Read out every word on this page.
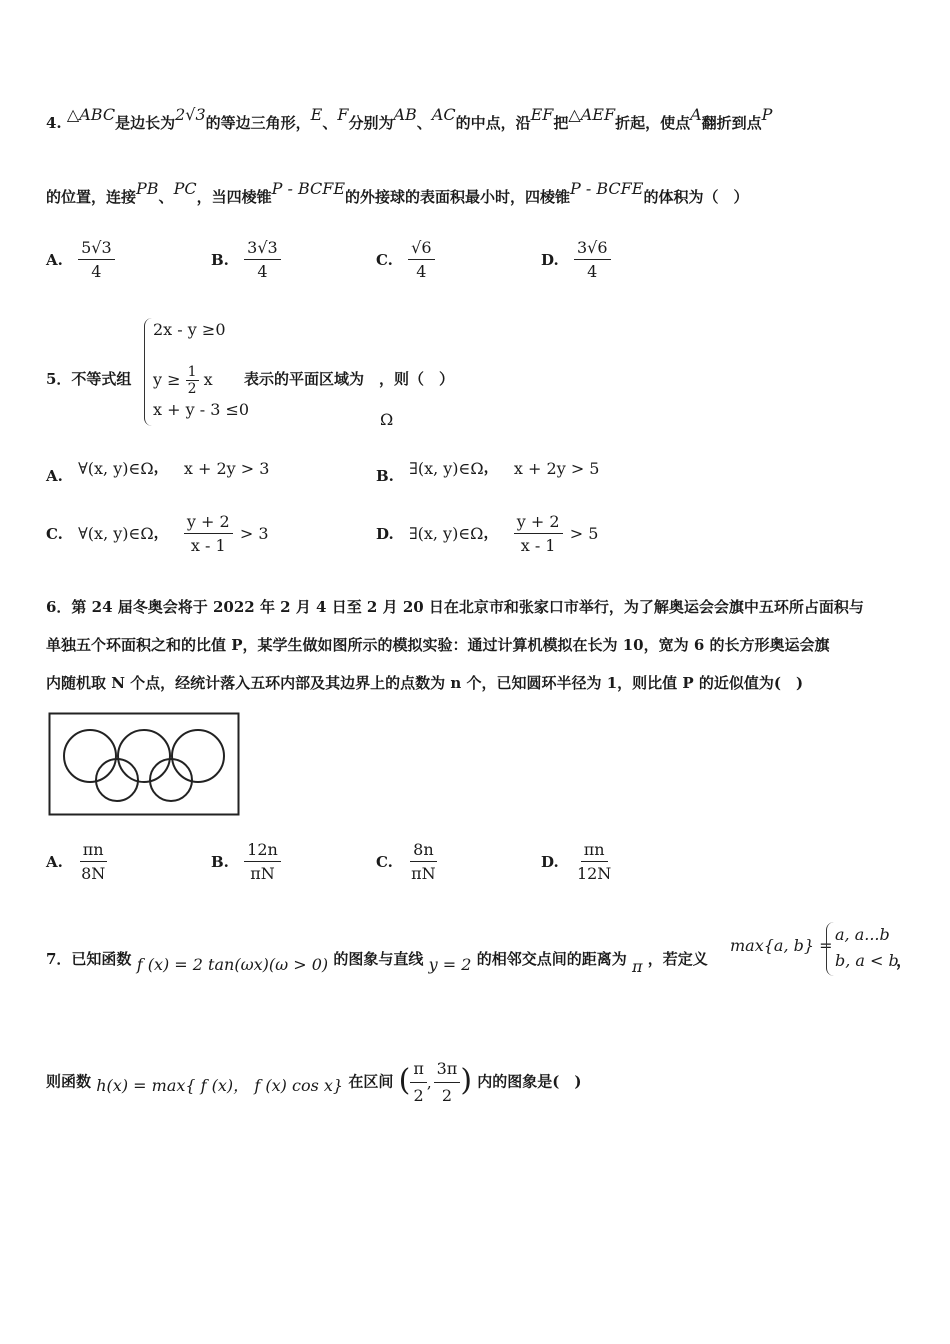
4. △ABC是边长为2√3的等边三角形，E、F分别为AB、AC的中点，沿EF把△AEF折起，使点A翻折到点P
的位置，连接PB、PC，当四棱锥P - BCFE的外接球的表面积最小时，四棱锥P - BCFE的体积为（　）
A. $\frac{5√3}{4}$	B. $\frac{3√3}{4}$	C. $\frac{√6}{4}$	D. $\frac{3√6}{4}$
5．不等式组
2x - y ≥0
$y \ge \frac{1}{2}$ x
x + y - 3 ≤0
表示的平面区域为　，则（　）
Ω
A. ∀(x, y)∈Ω， x + 2y > 3	B. ∃(x, y)∈Ω， x + 2y > 5
C. ∀(x, y)∈Ω， $\frac{y + 2}{x - 1} > 3$	D. ∃(x, y)∈Ω， $\frac{y + 2}{x - 1} > 5$
6．第 24 届冬奥会将于 2022 年 2 月 4 日至 2 月 20 日在北京市和张家口市举行，为了解奥运会会旗中五环所占面积与
单独五个环面积之和的比值 P，某学生做如图所示的模拟实验：通过计算机模拟在长为 10，宽为 6 的长方形奥运会旗
内随机取 N 个点，经统计落入五环内部及其边界上的点数为 n 个，已知圆环半径为 1，则比值 P 的近似值为(　)
A. $\frac{\pi n}{8N}$	B. $\frac{12n}{\pi N}$	C. $\frac{8n}{\pi N}$	D. $\frac{\pi n}{12N}$
7．已知函数 f (x) = 2 tan(ωx)(ω > 0) 的图象与直线 y = 2 的相邻交点间的距离为 π ，若定义
max{a, b} =
a, a...b
b, a < b
，
则函数 h(x) = max{ f (x)， f (x) cos x} 在区间 ( $\frac{\pi}{2}$ , $\frac{3\pi}{2}$ ) 内的图象是(　)
